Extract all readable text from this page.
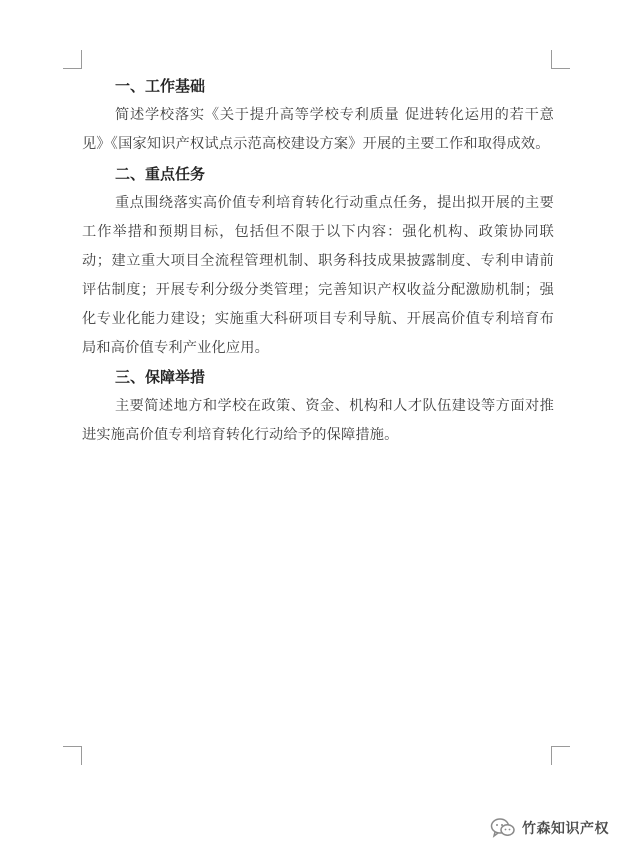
一、工作基础

简述学校落实《关于提升高等学校专利质量 促进转化运用的若干意见》《国家知识产权试点示范高校建设方案》开展的主要工作和取得成效。

二、重点任务

重点围绕落实高价值专利培育转化行动重点任务，提出拟开展的主要工作举措和预期目标，包括但不限于以下内容：强化机构、政策协同联动；建立重大项目全流程管理机制、职务科技成果披露制度、专利申请前评估制度；开展专利分级分类管理；完善知识产权收益分配激励机制；强化专业化能力建设；实施重大科研项目专利导航、开展高价值专利培育布局和高价值专利产业化应用。

三、保障举措

主要简述地方和学校在政策、资金、机构和人才队伍建设等方面对推进实施高价值专利培育转化行动给予的保障措施。

竹森知识产权
